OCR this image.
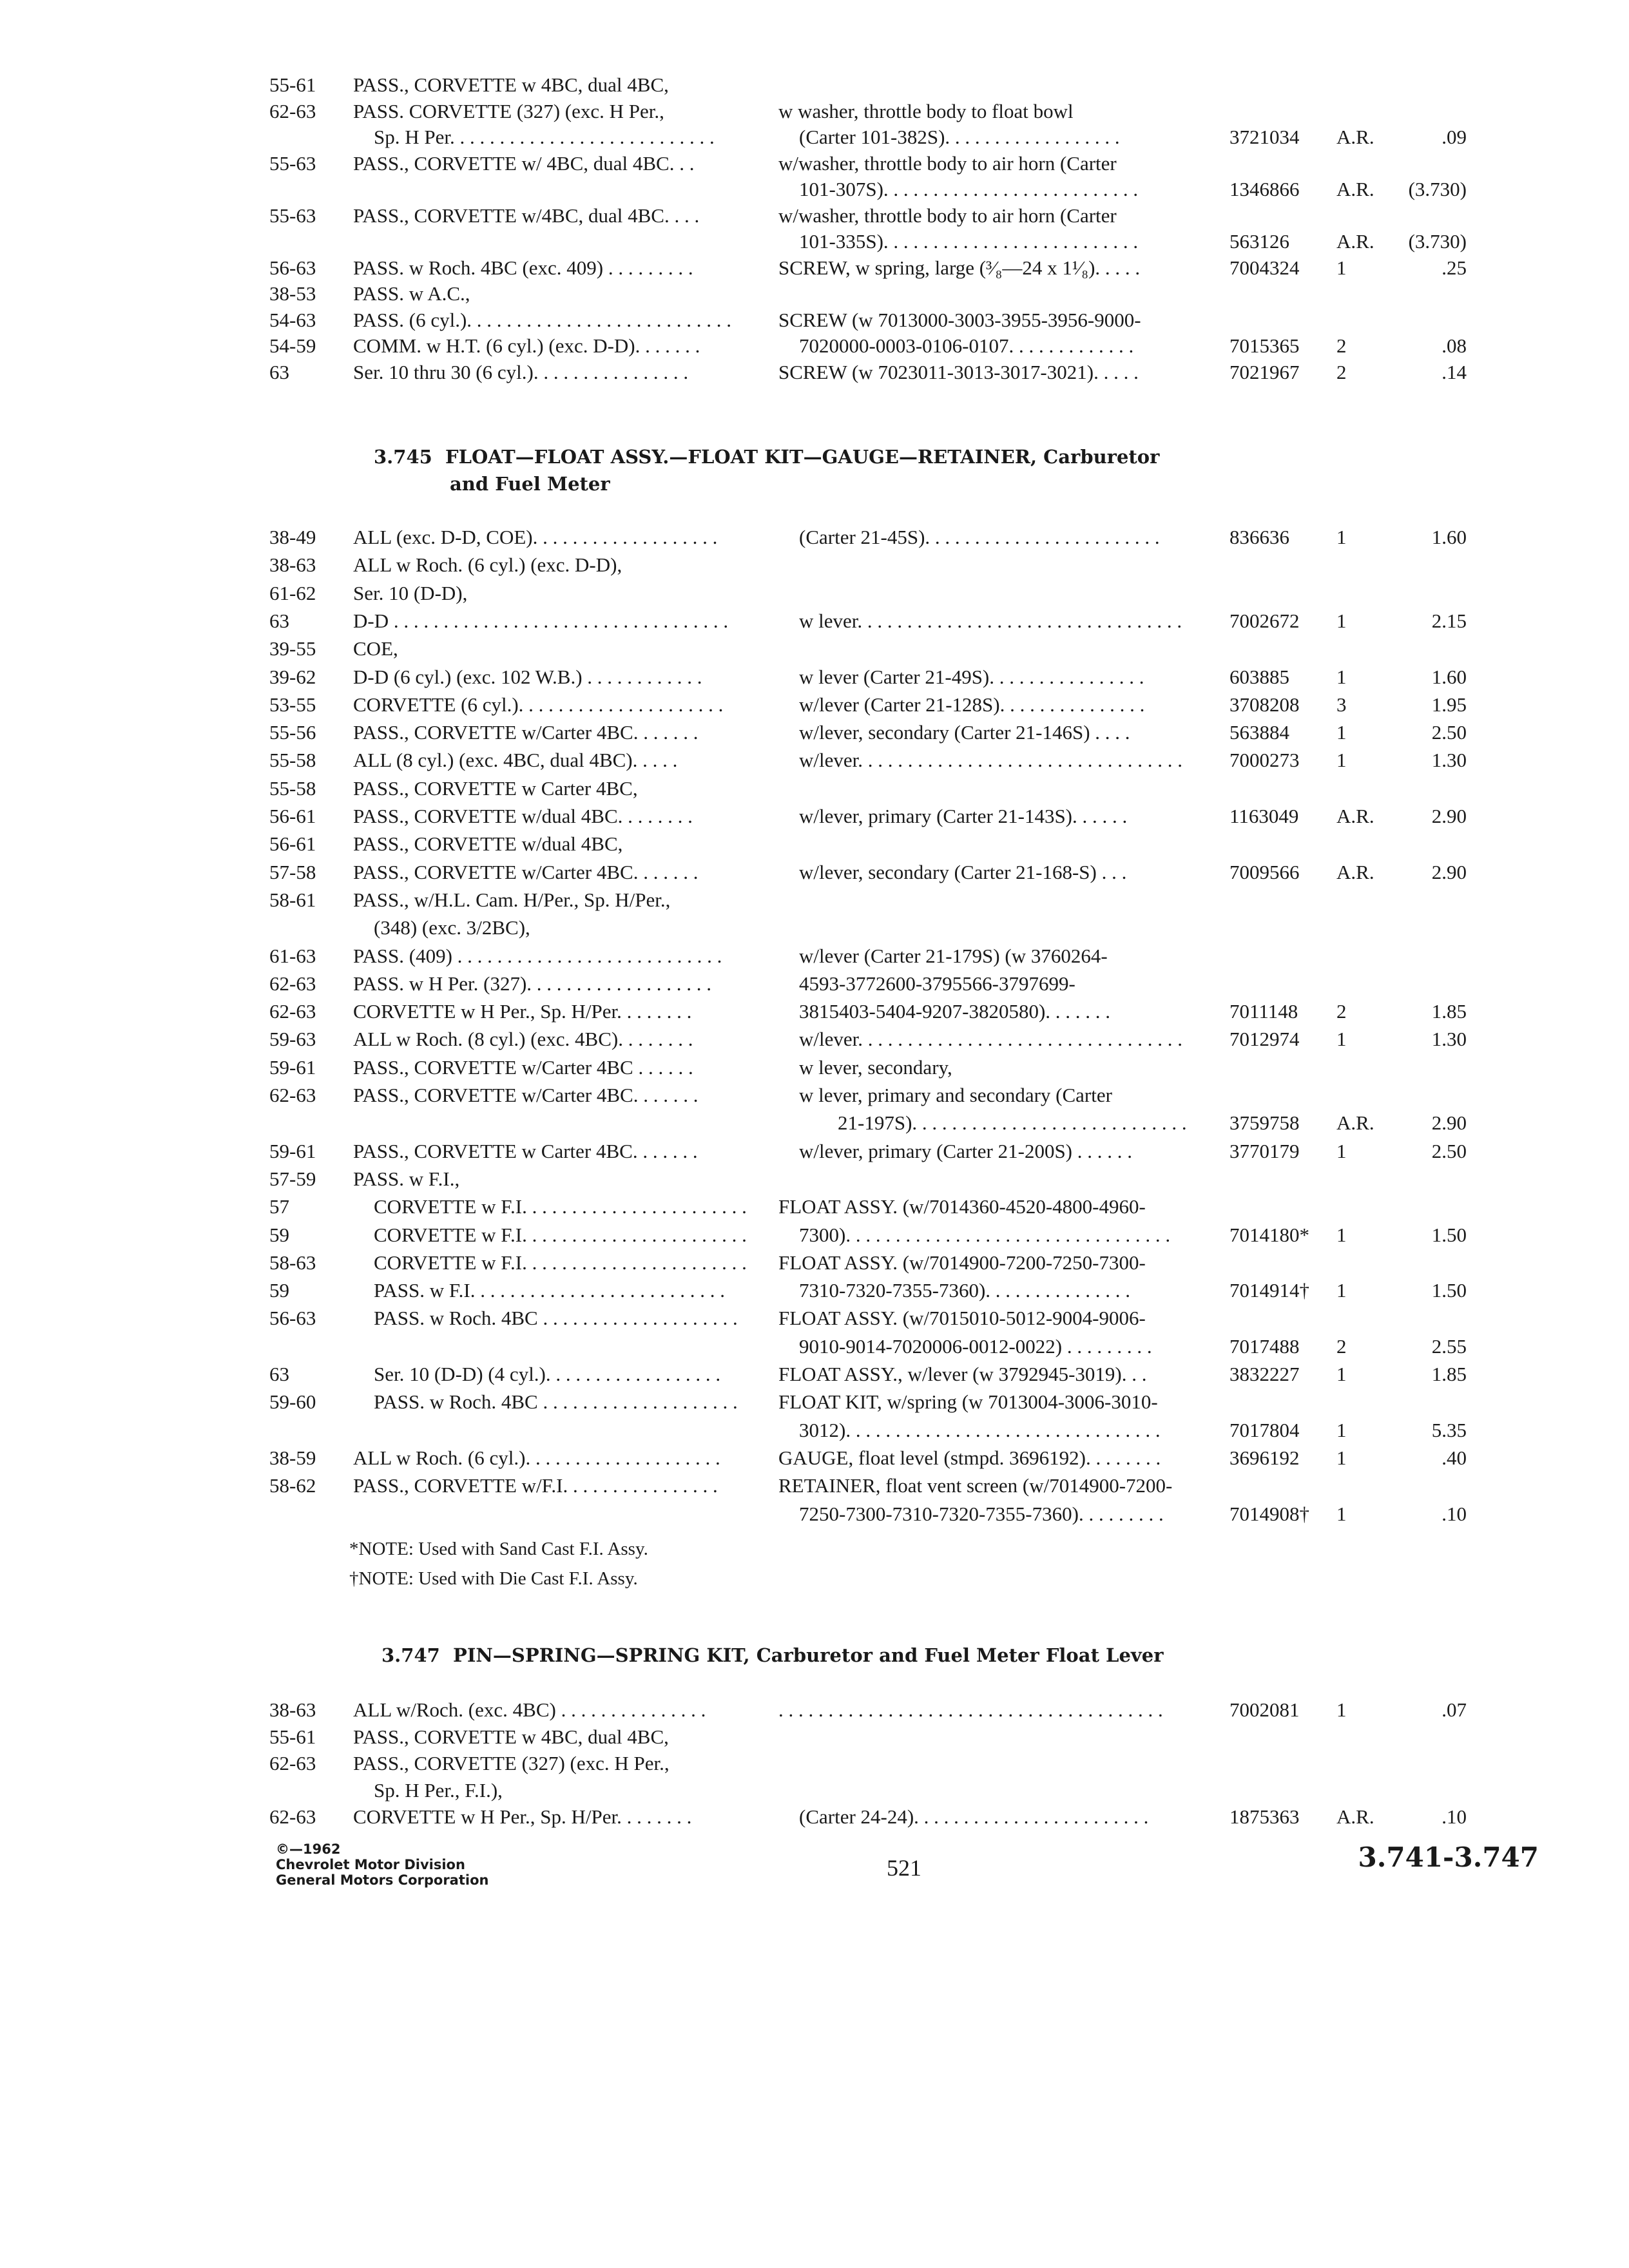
55-61 PASS., CORVETTE w 4BC, dual 4BC,
62-63 PASS. CORVETTE (327) (exc. H Per.,	w washer, throttle body to float bowl
Sp. H Per. . . . . . . . . . . . . . . . . . . . . . . . . . .	(Carter 101-382S). . . . . . . . . . . . . . . . . .	3721034 A.R.	.09
55-63 PASS., CORVETTE w/ 4BC, dual 4BC. . .	w/washer, throttle body to air horn (Carter
101-307S). . . . . . . . . . . . . . . . . . . . . . . . . .	1346866 A.R. (3.730)
55-63 PASS., CORVETTE w/4BC, dual 4BC. . . .	w/washer, throttle body to air horn (Carter
101-335S). . . . . . . . . . . . . . . . . . . . . . . . . .	563126 A.R. (3.730)
56-63 PASS. w Roch. 4BC (exc. 409) . . . . . . . . .	SCREW, w spring, large (³⁄₈—24 x 1¹⁄₈). . . . .	7004324 1	.25
38-53 PASS. w A.C.,
54-63 PASS. (6 cyl.). . . . . . . . . . . . . . . . . . . . . . . . . . . SCREW (w 7013000-3003-3955-3956-9000-
54-59 COMM. w H.T. (6 cyl.) (exc. D-D). . . . . . .	7020000-0003-0106-0107. . . . . . . . . . . . .	7015365 2	.08
63	Ser. 10 thru 30 (6 cyl.). . . . . . . . . . . . . . . .	SCREW (w 7023011-3013-3017-3021). . . . .	7021967 2	.14
3.745 FLOAT—FLOAT ASSY.—FLOAT KIT—GAUGE—RETAINER, Carburetor
and Fuel Meter
38-49 ALL (exc. D-D, COE). . . . . . . . . . . . . . . . . . .	(Carter 21-45S). . . . . . . . . . . . . . . . . . . . . . . .	836636 1	1.60
38-63 ALL w Roch. (6 cyl.) (exc. D-D),
61-62 Ser. 10 (D-D),
63	D-D . . . . . . . . . . . . . . . . . . . . . . . . . . . . . . . . . .	w lever. . . . . . . . . . . . . . . . . . . . . . . . . . . . . . . . . 7002672 1	2.15
39-55 COE,
39-62 D-D (6 cyl.) (exc. 102 W.B.) . . . . . . . . . . . .	w lever (Carter 21-49S). . . . . . . . . . . . . . . .	603885 1	1.60
53-55 CORVETTE (6 cyl.). . . . . . . . . . . . . . . . . . . . .	w/lever (Carter 21-128S). . . . . . . . . . . . . . .	3708208 3	1.95
55-56 PASS., CORVETTE w/Carter 4BC. . . . . . .	w/lever, secondary (Carter 21-146S) . . . .	563884 1	2.50
55-58 ALL (8 cyl.) (exc. 4BC, dual 4BC). . . . .	w/lever. . . . . . . . . . . . . . . . . . . . . . . . . . . . . . . . . 7000273 1	1.30
55-58 PASS., CORVETTE w Carter 4BC,
56-61 PASS., CORVETTE w/dual 4BC. . . . . . . .	w/lever, primary (Carter 21-143S). . . . . .	1163049 A.R.	2.90
56-61 PASS., CORVETTE w/dual 4BC,
57-58 PASS., CORVETTE w/Carter 4BC. . . . . . .	w/lever, secondary (Carter 21-168-S) . . .	7009566 A.R.	2.90
58-61 PASS., w/H.L. Cam. H/Per., Sp. H/Per.,
(348) (exc. 3/2BC),
61-63 PASS. (409) . . . . . . . . . . . . . . . . . . . . . . . . . . .	w/lever (Carter 21-179S) (w 3760264-
62-63 PASS. w H Per. (327). . . . . . . . . . . . . . . . . . .	4593-3772600-3795566-3797699-
62-63 CORVETTE w H Per., Sp. H/Per. . . . . . . .	3815403-5404-9207-3820580). . . . . . .	7011148 2	1.85
59-63 ALL w Roch. (8 cyl.) (exc. 4BC). . . . . . . .	w/lever. . . . . . . . . . . . . . . . . . . . . . . . . . . . . . . . . 7012974 1	1.30
59-61 PASS., CORVETTE w/Carter 4BC . . . . . .	w lever, secondary,
62-63 PASS., CORVETTE w/Carter 4BC. . . . . . .	w lever, primary and secondary (Carter
21-197S). . . . . . . . . . . . . . . . . . . . . . . . . . . . 3759758 A.R.	2.90
59-61 PASS., CORVETTE w Carter 4BC. . . . . . .	w/lever, primary (Carter 21-200S) . . . . . .	3770179 1	2.50
57-59 PASS. w F.I.,
57	CORVETTE w F.I. . . . . . . . . . . . . . . . . . . . . . . FLOAT ASSY. (w/7014360-4520-4800-4960-
59	CORVETTE w F.I. . . . . . . . . . . . . . . . . . . . . . .	7300). . . . . . . . . . . . . . . . . . . . . . . . . . . . . . . . .	7014180* 1	1.50
58-63	CORVETTE w F.I. . . . . . . . . . . . . . . . . . . . . . . FLOAT ASSY. (w/7014900-7200-7250-7300-
59	PASS. w F.I. . . . . . . . . . . . . . . . . . . . . . . . . .	7310-7320-7355-7360). . . . . . . . . . . . . . .	7014914† 1	1.50
56-63	PASS. w Roch. 4BC . . . . . . . . . . . . . . . . . . . . FLOAT ASSY. (w/7015010-5012-9004-9006-
9010-9014-7020006-0012-0022) . . . . . . . . .	7017488 2	2.55
63	Ser. 10 (D-D) (4 cyl.). . . . . . . . . . . . . . . . . .	FLOAT ASSY., w/lever (w 3792945-3019). . .	3832227 1	1.85
59-60	PASS. w Roch. 4BC . . . . . . . . . . . . . . . . . . . . FLOAT KIT, w/spring (w 7013004-3006-3010-
3012). . . . . . . . . . . . . . . . . . . . . . . . . . . . . . . .	7017804 1	5.35
38-59 ALL w Roch. (6 cyl.). . . . . . . . . . . . . . . . . . . .	GAUGE, float level (stmpd. 3696192). . . . . . . .	3696192 1	.40
58-62 PASS., CORVETTE w/F.I. . . . . . . . . . . . . . . .	RETAINER, float vent screen (w/7014900-7200-
7250-7300-7310-7320-7355-7360). . . . . . . . .	7014908† 1	.10
*NOTE: Used with Sand Cast F.I. Assy.
†NOTE: Used with Die Cast F.I. Assy.
3.747 PIN—SPRING—SPRING KIT, Carburetor and Fuel Meter Float Lever
38-63 ALL w/Roch. (exc. 4BC) . . . . . . . . . . . . . . .	. . . . . . . . . . . . . . . . . . . . . . . . . . . . . . . . . . . . . . .	7002081 1	.07
55-61 PASS., CORVETTE w 4BC, dual 4BC,
62-63 PASS., CORVETTE (327) (exc. H Per.,
Sp. H Per., F.I.),
62-63 CORVETTE w H Per., Sp. H/Per. . . . . . . .	(Carter 24-24). . . . . . . . . . . . . . . . . . . . . . . .	1875363 A.R.	.10
©—1962
Chevrolet Motor Division
General Motors Corporation	521	3.741-3.747
